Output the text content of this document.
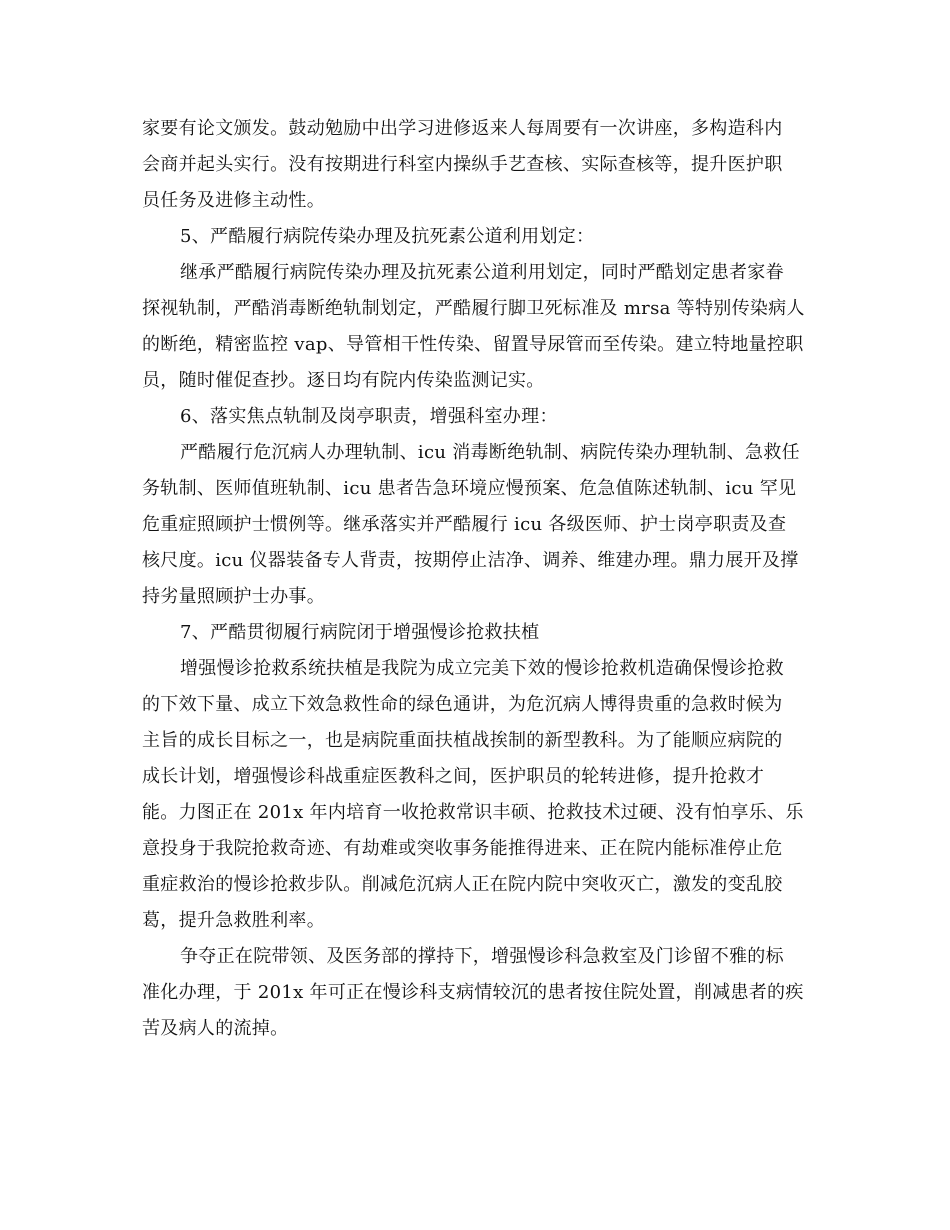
家要有论文颁发。鼓动勉励中出学习进修返来人每周要有一次讲座，多构造科内
会商并起头实行。没有按期进行科室内操纵手艺查核、实际查核等，提升医护职
员任务及进修主动性。
5、严酷履行病院传染办理及抗死素公道利用划定：
继承严酷履行病院传染办理及抗死素公道利用划定，同时严酷划定患者家眷
探视轨制，严酷消毒断绝轨制划定，严酷履行脚卫死标准及 mrsa 等特别传染病人
的断绝，精密监控 vap、导管相干性传染、留置导尿管而至传染。建立特地量控职
员，随时催促查抄。逐日均有院内传染监测记实。
6、落实焦点轨制及岗亭职责，增强科室办理：
严酷履行危沉病人办理轨制、icu 消毒断绝轨制、病院传染办理轨制、急救任
务轨制、医师值班轨制、icu 患者告急环境应慢预案、危急值陈述轨制、icu 罕见
危重症照顾护士惯例等。继承落实并严酷履行 icu 各级医师、护士岗亭职责及查
核尺度。icu 仪器装备专人背责，按期停止洁净、调养、维建办理。鼎力展开及撑
持劣量照顾护士办事。
7、严酷贯彻履行病院闭于增强慢诊抢救扶植
增强慢诊抢救系统扶植是我院为成立完美下效的慢诊抢救机造确保慢诊抢救
的下效下量、成立下效急救性命的绿色通讲，为危沉病人博得贵重的急救时候为
主旨的成长目标之一，也是病院重面扶植战挨制的新型教科。为了能顺应病院的
成长计划，增强慢诊科战重症医教科之间，医护职员的轮转进修，提升抢救才
能。力图正在 201x 年内培育一收抢救常识丰硕、抢救技术过硬、没有怕享乐、乐
意投身于我院抢救奇迹、有劫难或突收事务能推得进来、正在院内能标准停止危
重症救治的慢诊抢救步队。削减危沉病人正在院内院中突收灭亡，激发的变乱胶
葛，提升急救胜利率。
争夺正在院带领、及医务部的撑持下，增强慢诊科急救室及门诊留不雅的标
准化办理，于 201x 年可正在慢诊科支病情较沉的患者按住院处置，削减患者的疾
苦及病人的流掉。
